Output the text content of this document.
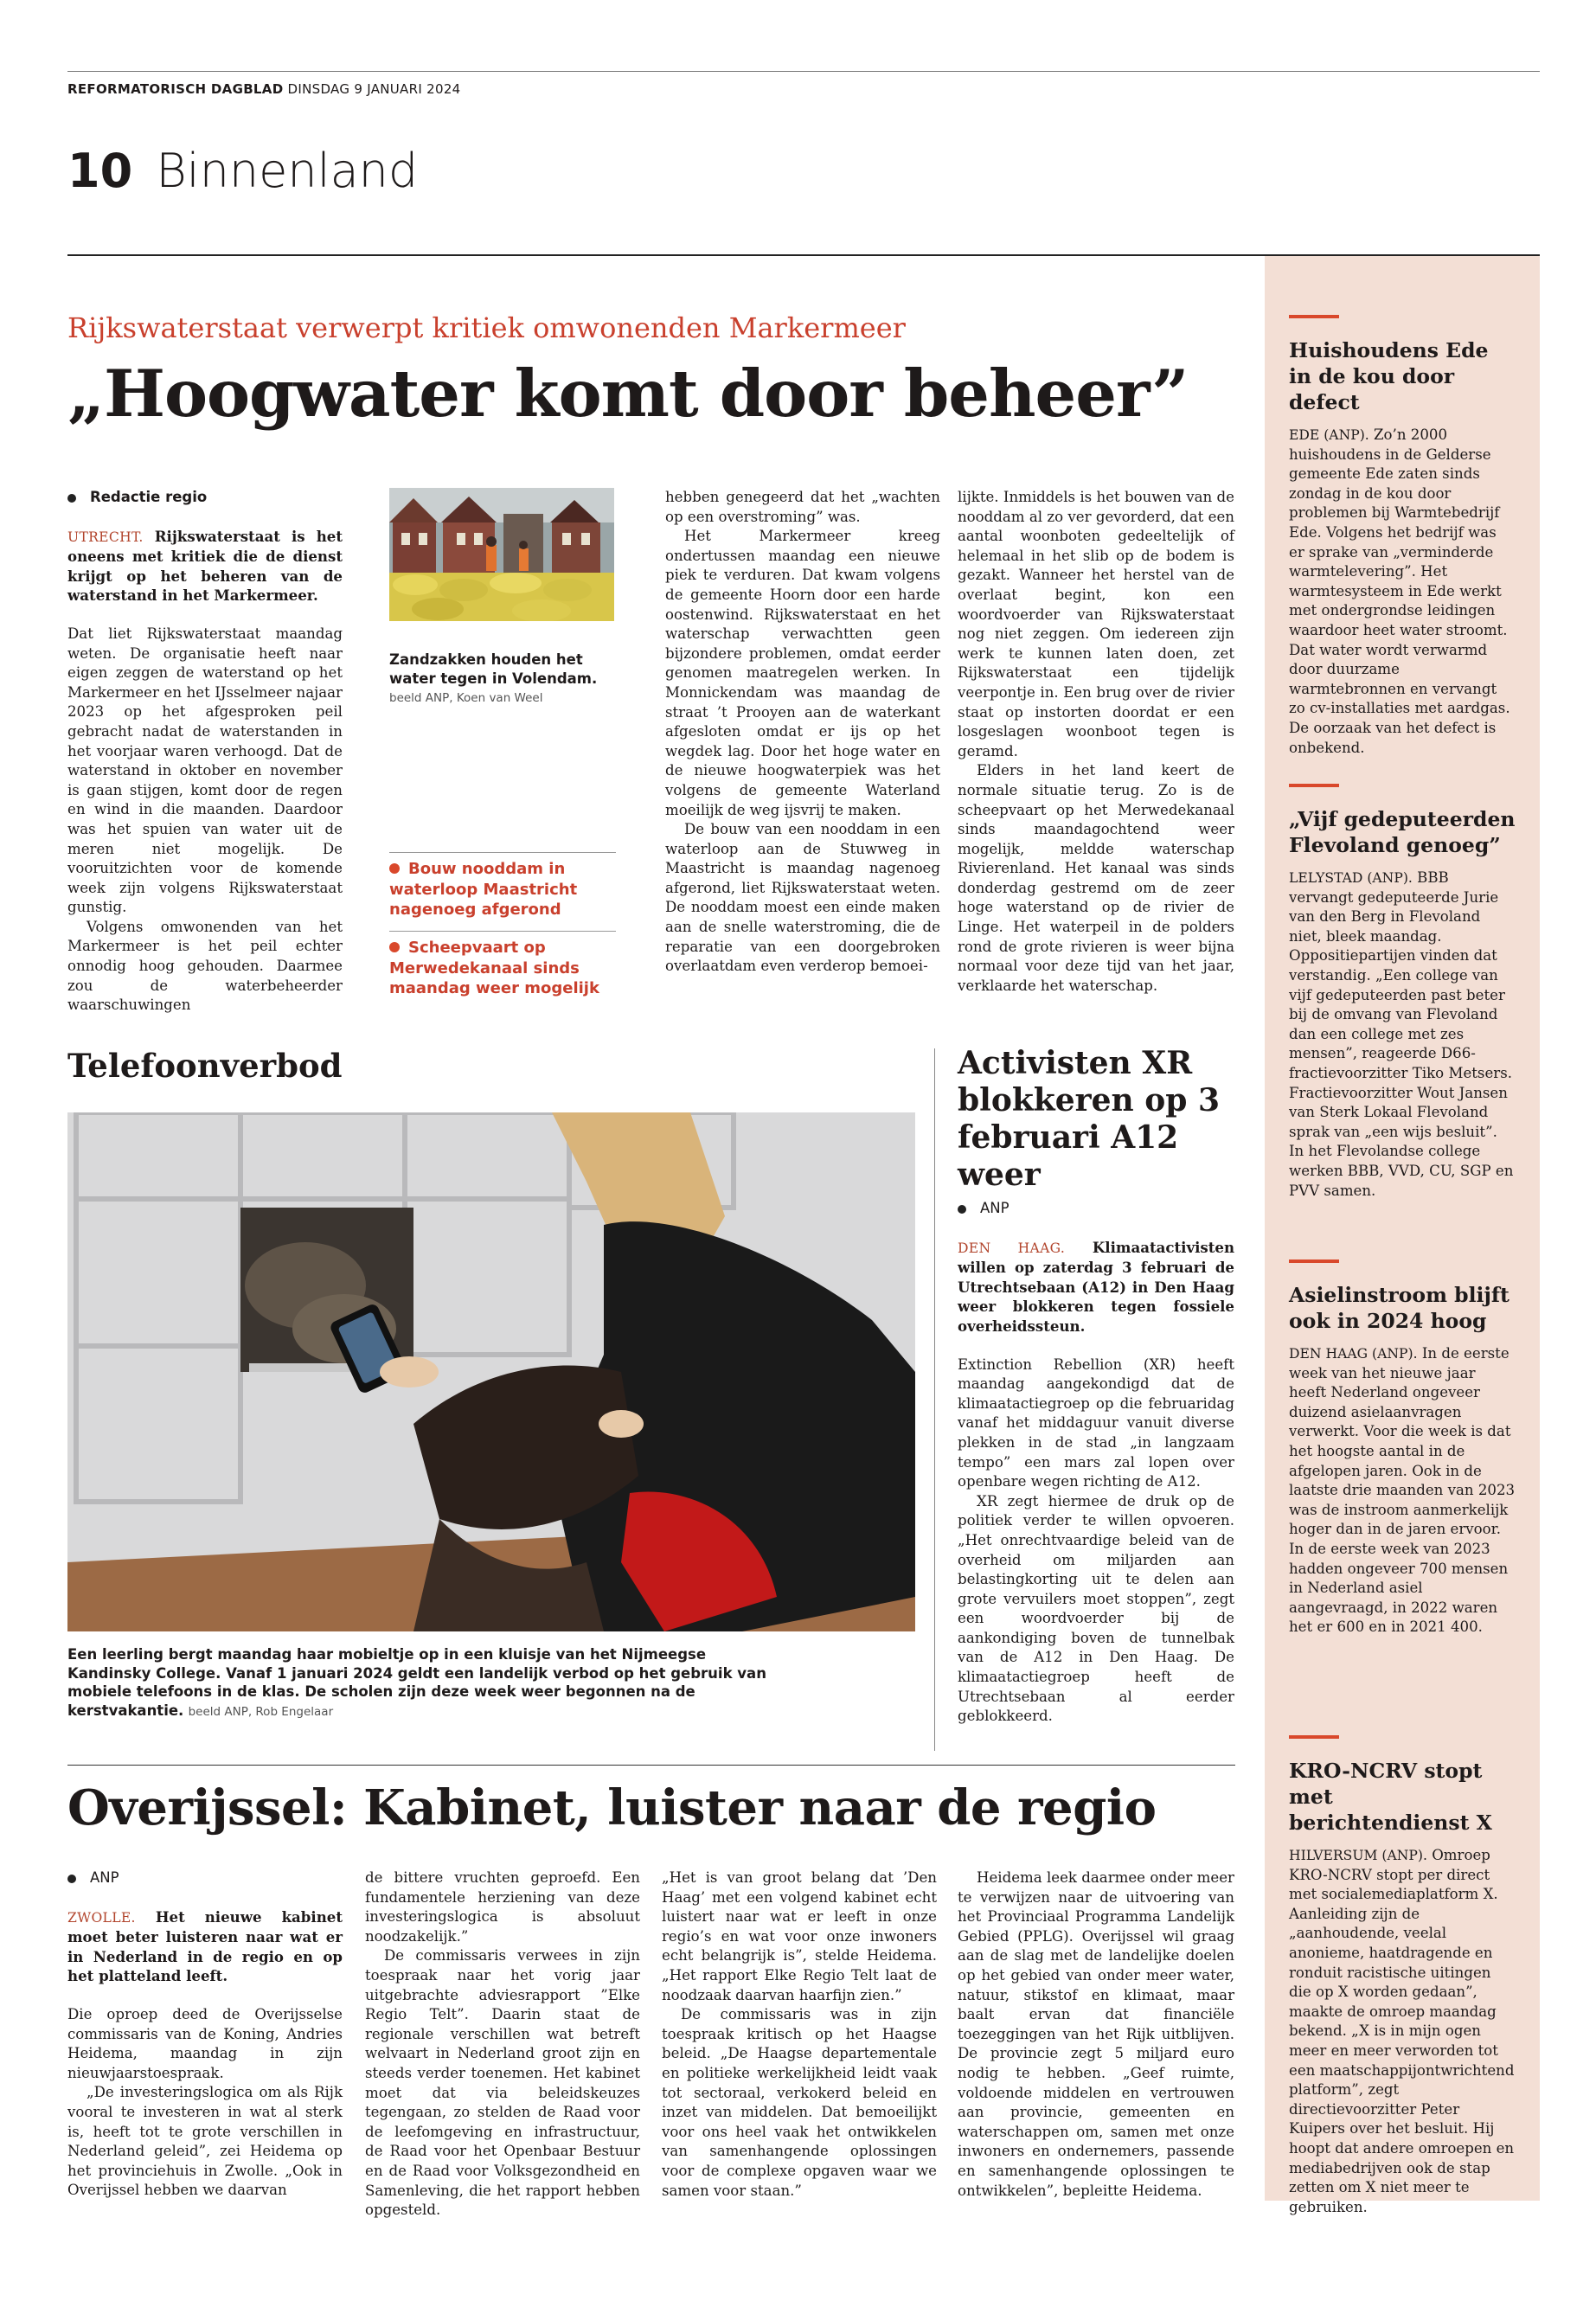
REFORMATORISCH DAGBLAD DINSDAG 9 JANUARI 2024
10 Binnenland
Rijkswaterstaat verwerpt kritiek omwonenden Markermeer
„Hoogwater komt door beheer”

Redactie regio

UTRECHT. Rijkswaterstaat is het oneens met kritiek die de dienst krijgt op het beheren van de waterstand in het Markermeer.

Dat liet Rijkswaterstaat maandag weten. De organisatie heeft naar eigen zeggen de waterstand op het Markermeer en het IJsselmeer najaar 2023 op het afgesproken peil gebracht nadat de waterstanden in het voorjaar waren verhoogd. Dat de waterstand in oktober en november is gaan stijgen, komt door de regen en wind in die maanden. Daardoor was het spuien van water uit de meren niet mogelijk. De vooruitzichten voor de komende week zijn volgens Rijkswaterstaat gunstig.

Volgens omwonenden van het Markermeer is het peil echter onnodig hoog gehouden. Daarmee zou de waterbeheerder waarschuwingen

Zandzakken houden het water tegen in Volendam.
beeld ANP, Koen van Weel
Bouw nooddam in waterloop Maastricht nagenoeg afgerond
Scheepvaart op Merwedekanaal sinds maandag weer mogelijk

hebben genegeerd dat het „wachten op een overstroming” was.

Het Markermeer kreeg ondertussen maandag een nieuwe piek te verduren. Dat kwam volgens de gemeente Hoorn door een harde oostenwind. Rijkswaterstaat en het waterschap verwachtten geen bijzondere problemen, omdat eerder genomen maatregelen werken. In Monnickendam was maandag de straat ’t Prooyen aan de waterkant afgesloten omdat er ijs op het wegdek lag. Door het hoge water en de nieuwe hoogwaterpiek was het volgens de gemeente Waterland moeilijk de weg ijsvrij te maken.

De bouw van een nooddam in een waterloop aan de Stuwweg in Maastricht is maandag nagenoeg afgerond, liet Rijkswaterstaat weten. De nooddam moest een einde maken aan de snelle waterstroming, die de reparatie van een doorgebroken overlaatdam even verderop bemoei-

lijkte. Inmiddels is het bouwen van de nooddam al zo ver gevorderd, dat een aantal woonboten gedeeltelijk of helemaal in het slib op de bodem is gezakt. Wanneer het herstel van de overlaat begint, kon een woordvoerder van Rijkswaterstaat nog niet zeggen. Om iedereen zijn werk te kunnen laten doen, zet Rijkswaterstaat een tijdelijk veerpontje in. Een brug over de rivier staat op instorten doordat er een losgeslagen woonboot tegen is geramd.

Elders in het land keert de normale situatie terug. Zo is de scheepvaart op het Merwedekanaal sinds maandagochtend weer mogelijk, meldde waterschap Rivierenland. Het kanaal was sinds donderdag gestremd om de zeer hoge waterstand op de rivier de Linge. Het waterpeil in de polders rond de grote rivieren is weer bijna normaal voor deze tijd van het jaar, verklaarde het waterschap.

Telefoonverbod
Een leerling bergt maandag haar mobieltje op in een kluisje van het Nijmeegse Kandinsky College. Vanaf 1 januari 2024 geldt een landelijk verbod op het gebruik van mobiele telefoons in de klas. De scholen zijn deze week weer begonnen na de kerstvakantie. beeld ANP, Rob Engelaar
Activisten XR blokkeren op 3 februari A12 weer

ANP

DEN HAAG. Klimaatactivisten willen op zaterdag 3 februari de Utrechtsebaan (A12) in Den Haag weer blokkeren tegen fossiele overheidssteun.

Extinction Rebellion (XR) heeft maandag aangekondigd dat de klimaatactiegroep op die februaridag vanaf het middaguur vanuit diverse plekken in de stad „in langzaam tempo” een mars zal lopen over openbare wegen richting de A12.

XR zegt hiermee de druk op de politiek verder te willen opvoeren. „Het onrechtvaardige beleid van de overheid om miljarden aan belastingkorting uit te delen aan grote vervuilers moet stoppen”, zegt een woordvoerder bij de aankondiging boven de tunnelbak van de A12 in Den Haag. De klimaatactiegroep heeft de Utrechtsebaan al eerder geblokkeerd.

Overijssel: Kabinet, luister naar de regio

ANP

ZWOLLE. Het nieuwe kabinet moet beter luisteren naar wat er in Nederland in de regio en op het platteland leeft.

Die oproep deed de Overijsselse commissaris van de Koning, Andries Heidema, maandag in zijn nieuwjaarstoespraak.

„De investeringslogica om als Rijk vooral te investeren in wat al sterk is, heeft tot te grote verschillen in Nederland geleid”, zei Heidema op het provinciehuis in Zwolle. „Ook in Overijssel hebben we daarvan

de bittere vruchten geproefd. Een fundamentele herziening van deze investeringslogica is absoluut noodzakelijk.”

De commissaris verwees in zijn toespraak naar het vorig jaar uitgebrachte adviesrapport ”Elke Regio Telt”. Daarin staat de regionale verschillen wat betreft welvaart in Nederland groot zijn en steeds verder toenemen. Het kabinet moet dat via beleidskeuzes tegengaan, zo stelden de Raad voor de leefomgeving en infrastructuur, de Raad voor het Openbaar Bestuur en de Raad voor Volksgezondheid en Samenleving, die het rapport hebben opgesteld.

„Het is van groot belang dat ’Den Haag’ met een volgend kabinet echt luistert naar wat er leeft in onze regio’s en wat voor onze inwoners echt belangrijk is”, stelde Heidema. „Het rapport Elke Regio Telt laat de noodzaak daarvan haarfijn zien.”

De commissaris was in zijn toespraak kritisch op het Haagse beleid. „De Haagse departementale en politieke werkelijkheid leidt vaak tot sectoraal, verkokerd beleid en inzet van middelen. Dat bemoeilijkt voor ons heel vaak het ontwikkelen van samenhangende oplossingen voor de complexe opgaven waar we samen voor staan.”

Heidema leek daarmee onder meer te verwijzen naar de uitvoering van het Provinciaal Programma Landelijk Gebied (PPLG). Overijssel wil graag aan de slag met de landelijke doelen op het gebied van onder meer water, natuur, stikstof en klimaat, maar baalt ervan dat financiële toezeggingen van het Rijk uitblijven. De provincie zegt 5 miljard euro nodig te hebben. „Geef ruimte, voldoende middelen en vertrouwen aan provincie, gemeenten en waterschappen om, samen met onze inwoners en ondernemers, passende en samenhangende oplossingen te ontwikkelen”, bepleitte Heidema.

Huishoudens Ede in de kou door defect
EDE (ANP). Zo’n 2000 huishoudens in de Gelderse gemeente Ede zaten sinds zondag in de kou door problemen bij Warmtebedrijf Ede. Volgens het bedrijf was er sprake van „verminderde warmtelevering”. Het warmtesysteem in Ede werkt met ondergrondse leidingen waardoor heet water stroomt. Dat water wordt verwarmd door duurzame warmtebronnen en vervangt zo cv-installaties met aardgas. De oorzaak van het defect is onbekend.
„Vijf gedeputeerden Flevoland genoeg”
LELYSTAD (ANP). BBB vervangt gedeputeerde Jurie van den Berg in Flevoland niet, bleek maandag. Oppositiepartijen vinden dat verstandig. „Een college van vijf gedeputeerden past beter bij de omvang van Flevoland dan een college met zes mensen”, reageerde D66-fractievoorzitter Tiko Metsers. Fractievoorzitter Wout Jansen van Sterk Lokaal Flevoland sprak van „een wijs besluit”. In het Flevolandse college werken BBB, VVD, CU, SGP en PVV samen.
Asielinstroom blijft ook in 2024 hoog
DEN HAAG (ANP). In de eerste week van het nieuwe jaar heeft Nederland ongeveer duizend asielaanvragen verwerkt. Voor die week is dat het hoogste aantal in de afgelopen jaren. Ook in de laatste drie maanden van 2023 was de instroom aanmerkelijk hoger dan in de jaren ervoor. In de eerste week van 2023 hadden ongeveer 700 mensen in Nederland asiel aangevraagd, in 2022 waren het er 600 en in 2021 400.
KRO-NCRV stopt met berichtendienst X
HILVERSUM (ANP). Omroep KRO-NCRV stopt per direct met socialemediaplatform X. Aanleiding zijn de „aanhoudende, veelal anonieme, haatdragende en ronduit racistische uitingen die op X worden gedaan”, maakte de omroep maandag bekend. „X is in mijn ogen meer en meer verworden tot een maatschappijontwrichtend platform”, zegt directievoorzitter Peter Kuipers over het besluit. Hij hoopt dat andere omroepen en mediabedrijven ook de stap zetten om X niet meer te gebruiken.
